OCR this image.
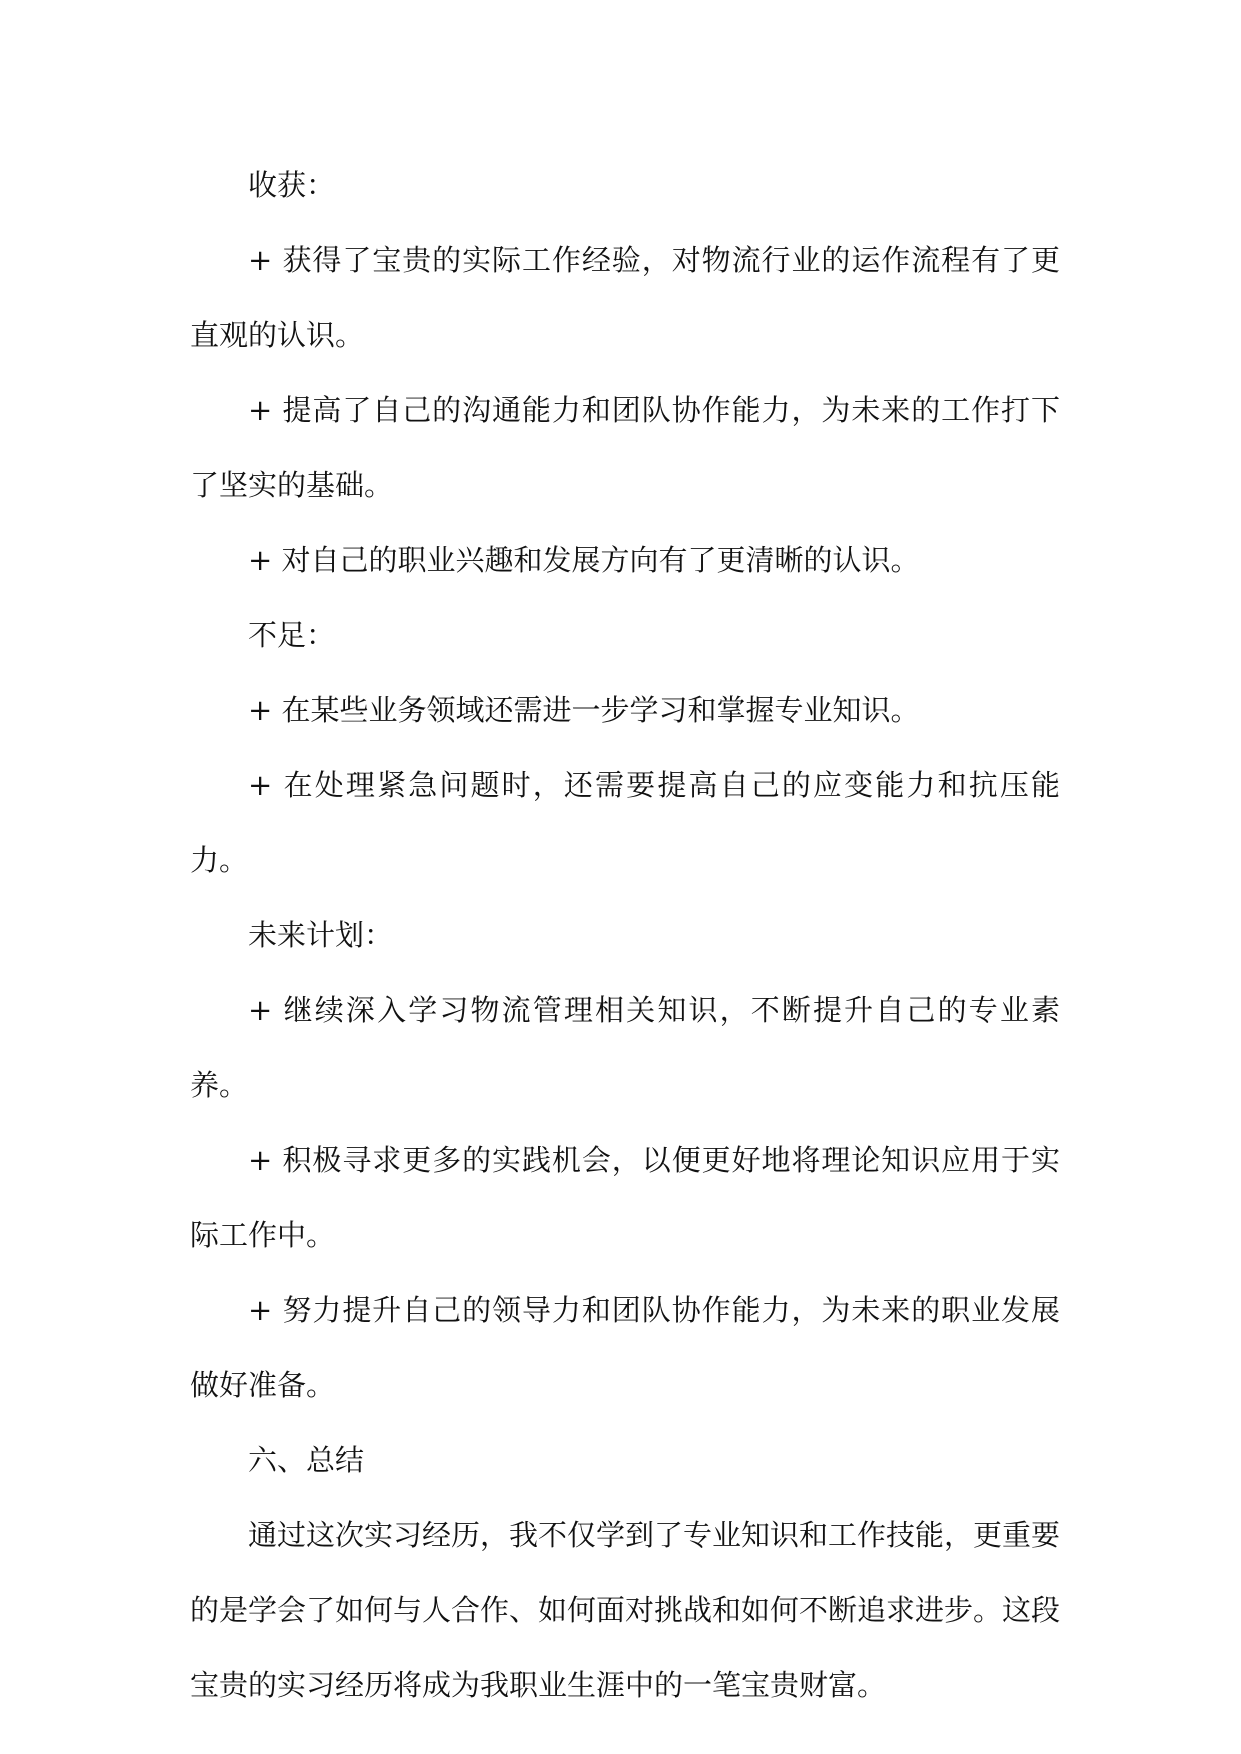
收获：

+ 获得了宝贵的实际工作经验，对物流行业的运作流程有了更直观的认识。

+ 提高了自己的沟通能力和团队协作能力，为未来的工作打下了坚实的基础。

+ 对自己的职业兴趣和发展方向有了更清晰的认识。

不足：

+ 在某些业务领域还需进一步学习和掌握专业知识。

+ 在处理紧急问题时，还需要提高自己的应变能力和抗压能力。

未来计划：

+ 继续深入学习物流管理相关知识，不断提升自己的专业素养。

+ 积极寻求更多的实践机会，以便更好地将理论知识应用于实际工作中。

+ 努力提升自己的领导力和团队协作能力，为未来的职业发展做好准备。

六、总结

通过这次实习经历，我不仅学到了专业知识和工作技能，更重要的是学会了如何与人合作、如何面对挑战和如何不断追求进步。这段宝贵的实习经历将成为我职业生涯中的一笔宝贵财富。
